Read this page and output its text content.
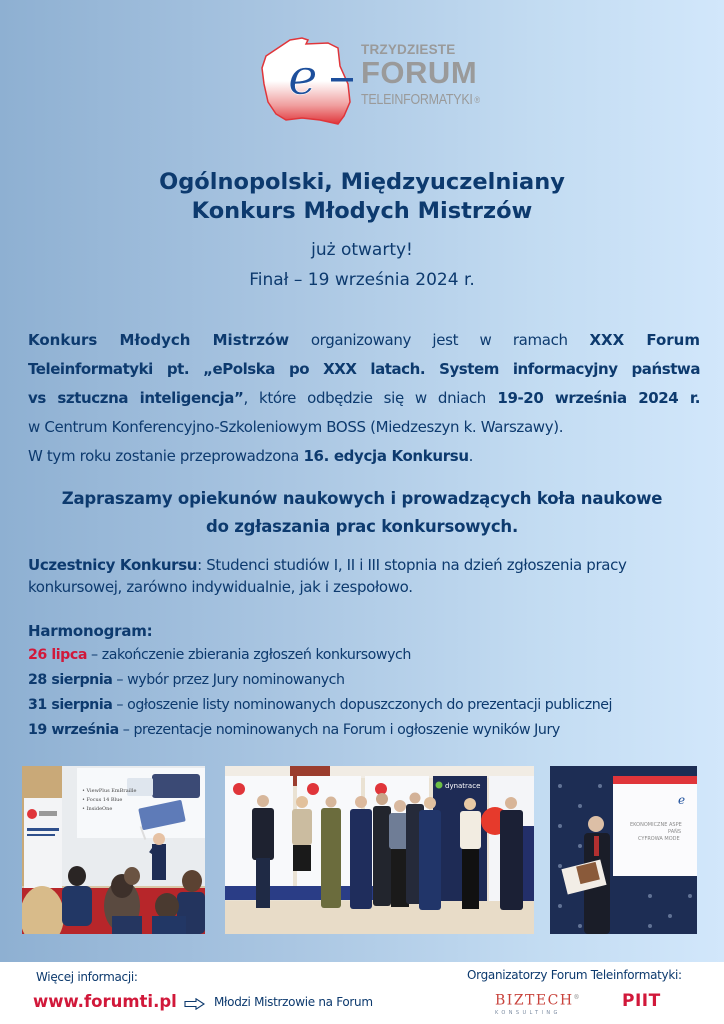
e	TRZYDZIESTE
FORUM
TELEINFORMATYKI ®
Ogólnopolski, Międzyuczelniany
Konkurs Młodych Mistrzów
już otwarty!
Finał – 19 września 2024 r.
Konkurs Młodych Mistrzów organizowany jest w ramach XXX Forum
Teleinformatyki pt. „ePolska po XXX latach. System informacyjny państwa
vs sztuczna inteligencja”, które odbędzie się w dniach 19-20 września 2024 r.
w Centrum Konferencyjno-Szkoleniowym BOSS (Miedzeszyn k. Warszawy).
W tym roku zostanie przeprowadzona 16. edycja Konkursu.
Zapraszamy opiekunów naukowych i prowadzących koła naukowe
do zgłaszania prac konkursowych.
Uczestnicy Konkursu: Studenci studiów I, II i III stopnia na dzień zgłoszenia pracy konkursowej, zarówno indywidualnie, jak i zespołowo.
Harmonogram:
26 lipca – zakończenie zbierania zgłoszeń konkursowych
28 sierpnia – wybór przez Jury nominowanych
31 sierpnia – ogłoszenie listy nominowanych dopuszczonych do prezentacji publicznej
19 września – prezentacje nominowanych na Forum i ogłoszenie wyników Jury
• ViewPlus EmBraille
• Focus 14 Blue
• InsideOne
dynatrace
e
EKONOMICZNE ASPE
PAŃS
CYFROWA MODE
Więcej informacji:
www.forumti.pl	Młodzi Mistrzowie na Forum
Organizatorzy Forum Teleinformatyki:
BIZTECH®
KONSULTING
PIIT
